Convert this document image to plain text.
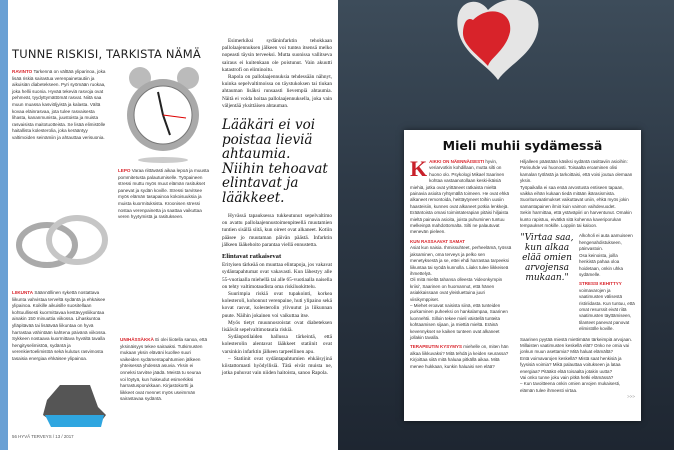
TUNNE RISKISI, TARKISTA NÄMÄ
RAVINTO Tarkennä on välttää yliparinoa, joka lisää riskiä sairastua verenpainetautiin ja aikuisiän diabetekseen. Pyri syömään ruokaa, joka hellii suonia. Hyvää tekeviä rasvoja ovat pehmeät, tyydyttymättömät rasvat. Niitä saa muun muassa kasviöljyistä ja kalasta. Vältä kovaa eläinrasvaa, jota tulee rasvaisesta lihasta, kananmunista, juustoista ja muista rasvaisista maitotuotteista. Se lisää elimistölle haitallista kolesterolia, joka kerääntyy valtimoiden seinämiin ja ahtauttaa verisuonia.
LEPO Varaa riittävästi aikaa lepoä ja muusta pommitetusta palautumiselle. Työpaineen stressi muttu myös muut elämän rasitukset panevat ja sydän koville. Stressi tarvitsee myös elämän tasapainoa kokoisuuksia ja muista kuormituksista. Kroonisen stressi nostaa verenpainetta ja saattaa vaikuttaa veren hyytymistä ja rasitukseen.
LIIKUNTA Säännöllinen sykettä nostattava liikunta vahvistaa terveltä sydäntä ja ehkäisee ylipainoa. Koikille aikuisille suositellaan kohtuullisesti kuormittavaa kestävyysliikuntaa ainakin 150 minuuttia viikossa. Lihaskuntoa ylläpitävää tai lisäävää liikuntaa on hyvä harrastaa vähintään kahtena päivänä viikossa. Sykkeen nostaava kuormittava hyvältä tavalla hengityselimistöä, sydäntä ja verenkiertoelimistöä sekä kulutus rasvimosta tasaisia energiaa ehkäisee ylipainoa.
UNIHÄSSÄKKÄ Ei olei liiotella sanoa, että yksinäisyys tekee sairaaksi. Tutkimusten mukaan yksin eläväni kuollee suuri vaikeiden sydämentapahtumien jälkeen yhteisessä yhdessä asuvia. Yksin ei onneksi tarvitse jäädä. Meistä tu seuraa voi löytyä, kun hakeudut esimerkiksi harrastusporukkaan. Kirjastokortti ja liikkeet ovat mennet myös useimmän sairastavaa sydäntä.

Esimerkiksi sydäninfarktin tehokkaan pallolaajennuksen jälkeen voi tuntea itsensä melko nopeasti täysin terveeksi. Mutta suonissa vallitseva sairaus ei kuitenkaan ole poistunut. Vain akuutti katastrofi on eliminoitu.

Rapola on pallolaajennuksia tehdessään nähnyt, kuinka sepelvaltimoissa on täystukoksen tai tiukan ahtauman lisäksi runsaasti lievempiä ahtaumia. Näitä ei voida hoitaa pallolaajennuksella, joka vain väljentää yksittäisen ahtauman.

Lääkäri ei voi poistaa lieviä ahtaumia. Niihin tehoavat elintavat ja lääkkeet.

Hyvässä tapauksessa tukkeutunut sepelvaltimo on avattu pallolaajennustoimenpiteellä muutamien tuntien sisällä siitä, kun oireet ovat alkaneet. Kotiin pääsee jo muutaman päivän päästä. Infarktin jälkeen lääkehoito parantaa viellä ennustetta.

Elintavat ratkaisevat

Erityisen tärkeää on muuttaa elintapoja, jos vakavat sydäntapahtumat ovat vakavasti. Kun lähestyy alle 55-vuotiaalla miehellä tai alle 65-vuotiaalla naisella on tehty valtimotaudista oma riskiluokittelu.

Suurimpia riskiä ovat tupakointi, korkea kolesteroli, kohonnut verenpaine, huti ylipaino sekä kovat rasvat, kolesterolin ylivuutut ja liikunnan puute. Näihin jokainen voi vaikuttaa itse.

Myös tietyt muunnosroistat ovat diabeteksen lisäävät sepelvaltimotautia riskiä.

Sydänpotilaiden hallussa tärkeintä, että kolesterolin alentavat lääkkeet statiinit ovat varsinkin infarktin jälkeen tarpeellinen apu.

– Statiinit ovat sydäntapahtumien ehkäisyjinä kiistattomasti hyödyllisiä. Tätä eivät muista ne, jotka puhuvat vain niiden haitoista, sanoo Rapola.

56 HYVÄ TERVEYS / 13 / 2017
Mieli muhii sydämessä
KAIKKI ON NÄENNÄISESTI hyvin, veriarvotkin kohdillaan, mutta silti on huono olo. Psykologi Mikael Saarinen kohtaa vastaanotollaan keski-ikäisiä miehiä, jotka ovat yrittäneet ratkaista mieltä painavia asioita ryhtymällä toimeen. He ovat ehkä alkaneet remontoida, heittäytyneet töihin uusiin haasteisiin, kunnes ovat alkaneet potkia lenkkejä. Erääntoista omasi toimintaterapian pitäisi hiljaista mieltä painavia asioita, joista puhuminen tuntuu melkeinpä mahdottomalta. Silti ne palautuvat menevän pieleen.
KUN RASSAAVAT SAMAT

Asiat kun naisia. Ihmissuhteet, perheelämä, työssä jaksaminen, oma terveys ja pelko sen menetyksestä ja se, ettei ehdi harrastaa tarpeeksi liikuntaa tai syödä kunnolla. Liiaks tulee liikkeiseä ihmettelyä.

Oli mitä mieltä tahansa olleesta 'videonkympin kriisi', Saarinen on huomannut, että hänen asiakkaissaan ovat yleisluettuina juuri viisikymppiset.

– Miehet eroavat naisista siinä, että tunteiden purkaminen puheeksi on hankalampaa, Saarinen luonnehtii. Silloin tekee mieli väistellä tunteita kohtaamisen sijaan, ja miettiä mieltä. Eräinä kevennykset se kaiken tunteen ovat alkaneet jollakin tavalla.

TERAPEUTIN KYSYMYS miehelle on, miten hän alkaa liikkuvaksi? Mitä tehdä ja keiden seurassa? Kirjoittaa siitä mitä haluaa pitkällä aikaa. Mitä menee hukkaan, kunkin haluaisi sen elää?

Hiljalleen päästään käsiksi sydäntä rasittaviin asioihin: Parisuhde voi huonosti. Toisaalta eroaminen olisi kamalan työlästä ja tarkoittaisi, että voisi joutua olemaan yksin.

Työpaikalla ei saa enää arvostusta entiseen tapaan, vaikka eihän kukaan tiedä mitään ikärasismista. Suoritusvaatimukset vaikuttavat uniin, ehkä myös jokin samantapainen ilmiö kuin vaimon vaihdevuodet.

Sekin harmittaa, että ystäväpiiri on harventunut. Omakin kunto rapistuu, eivätkä sitä kohenna kaveriporukan tempaukset mökille. Loppiin tai kaloon.

"Virtaa saa, kun alkaa elää omien arvojensa mukaan."

Alkoholi ei auta aamuiseen hengenahdistukseen, päinvastoin.

Osa keinoista, joilla henkistä pahaa oloa hoidetaan, onkin uhka sydämelle.

STRESSI KEHITTYY voimavarojen ja vaatimusten välisestä ristiriidasta. Kun tuntuu, että omat resurssit eivät riitä vaatimusten täyttämiseen, tilanteet panevat panovat elimistölle koville.

Saarinen pyytää miestä miettimään tärkeimpiä arvojaan.

Millaisten vaatimusten keskellä elät? Onko ne omia vai jonkun muun asettamia? Mitä haluat elämältä?

Entä voimavarojen keskellä? Mistä saat henkisiä ja fyysisiä voimia? Mikä palauttaa voitukseen ja lataa energiaa? Pitääkö elää toisaalta jotakin uutta?

Vai onko tunne joku vain pitkä hetki elämässä?

– Kun tavoitteena onkin omien arvojen mukaisesti, elämän tulee ihmeesti virtaa.

>>>
